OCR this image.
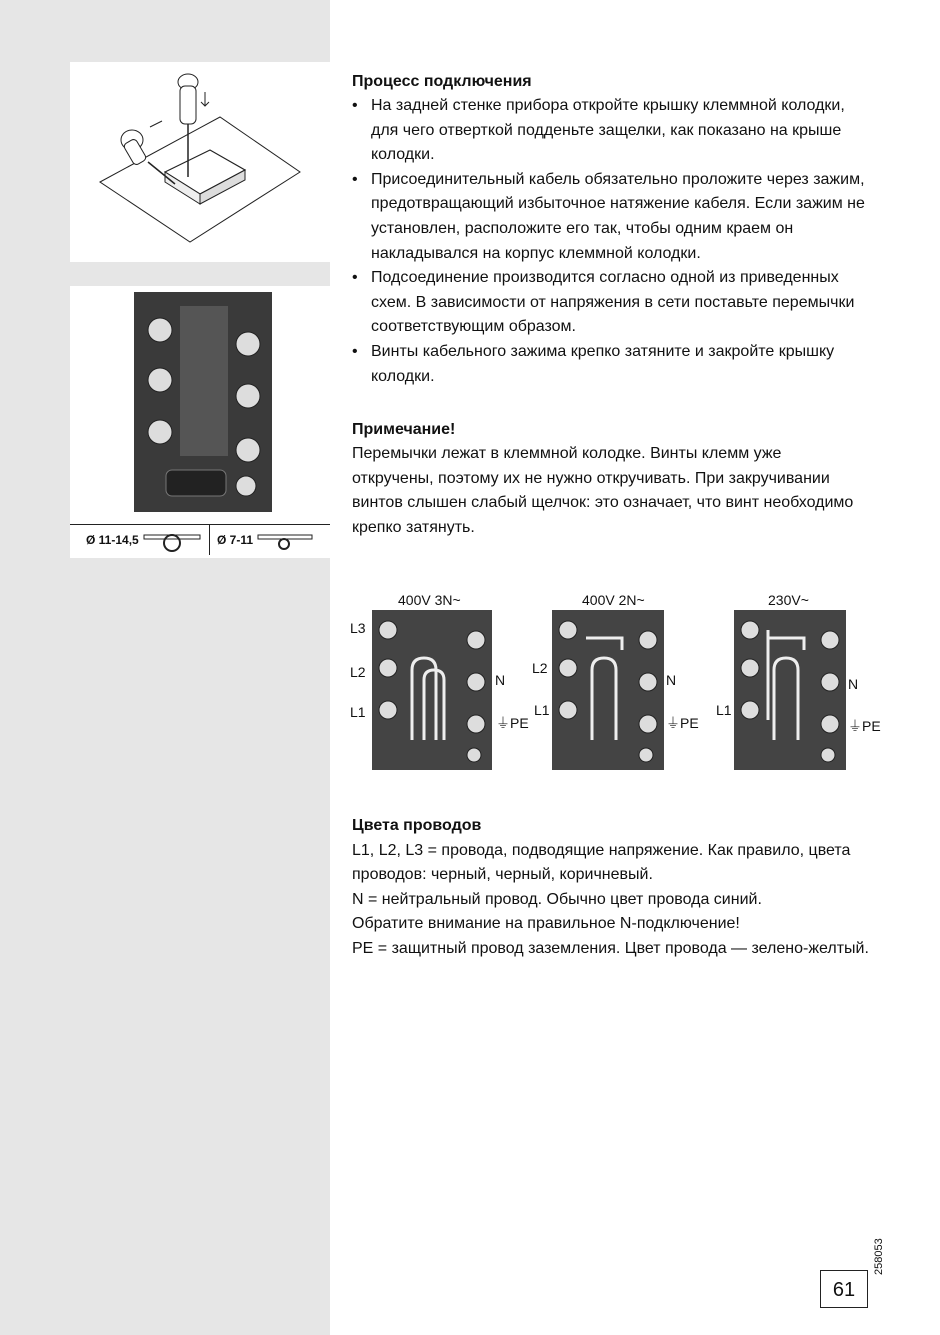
Ø 11-14,5	Ø 7-11
Процесс подключения
• На задней стенке прибора откройте крышку клеммной колодки, для чего отверткой подденьте защелки, как показано на крыше колодки.
• Присоединительный кабель обязательно проложите через зажим, предотвращающий избыточное натяжение кабеля. Если зажим не установлен, расположите его так, чтобы одним краем он накладывался на корпус клеммной колодки.
• Подсоединение производится согласно одной из приведенных схем. В зависимости от напряжения в сети поставьте перемычки соответствующим образом.
• Винты кабельного зажима крепко затяните и закройте крышку колодки.
Примечание!

Перемычки лежат в клеммной колодке. Винты клемм уже откручены, поэтому их не нужно откручивать. При закручивании винтов слышен слабый щелчок: это означает, что винт необходимо крепко затянуть.

400V 3N~
L3
L2
L1
N
⏚PE
400V 2N~
L2
L1
N
⏚PE
230V~
L1
N
⏚PE
Цвета проводов

L1, L2, L3 = провода, подводящие напряжение. Как правило, цвета проводов: черный, черный, коричневый.

N = нейтральный провод. Обычно цвет провода синий. Обратите внимание на правильное N-подключение!

PE = защитный провод заземления. Цвет провода — зелено-желтый.

258053
61
